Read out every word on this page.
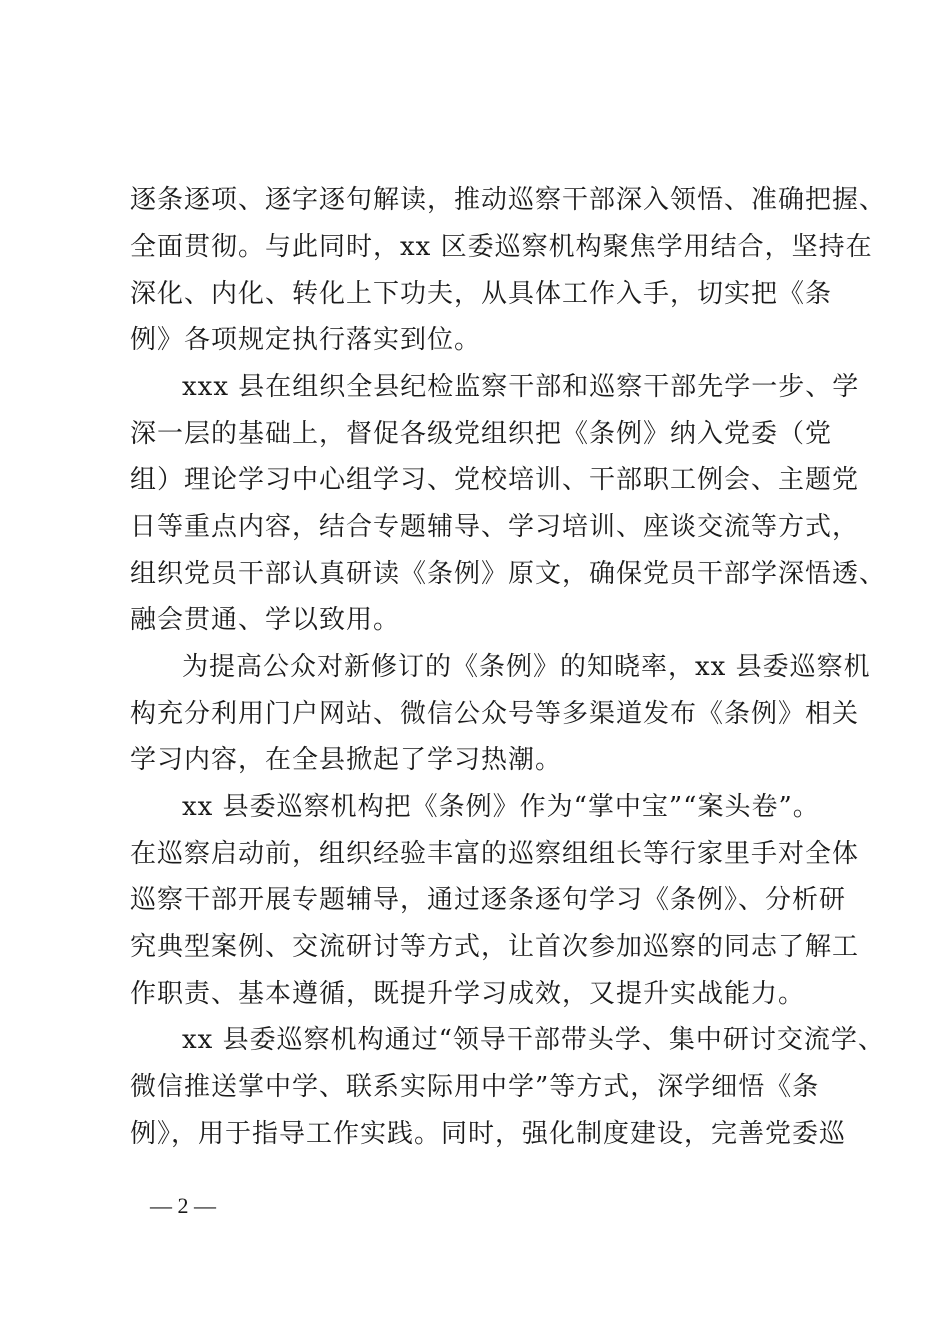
逐条逐项、逐字逐句解读，推动巡察干部深入领悟、准确把握、
全面贯彻。与此同时，xx 区委巡察机构聚焦学用结合，坚持在
深化、内化、转化上下功夫，从具体工作入手，切实把《条
例》各项规定执行落实到位。
xxx 县在组织全县纪检监察干部和巡察干部先学一步、学
深一层的基础上，督促各级党组织把《条例》纳入党委（党
组）理论学习中心组学习、党校培训、干部职工例会、主题党
日等重点内容，结合专题辅导、学习培训、座谈交流等方式，
组织党员干部认真研读《条例》原文，确保党员干部学深悟透、
融会贯通、学以致用。
为提高公众对新修订的《条例》的知晓率，xx 县委巡察机
构充分利用门户网站、微信公众号等多渠道发布《条例》相关
学习内容，在全县掀起了学习热潮。
xx 县委巡察机构把《条例》作为“掌中宝”“案头卷”。
在巡察启动前，组织经验丰富的巡察组组长等行家里手对全体
巡察干部开展专题辅导，通过逐条逐句学习《条例》、分析研
究典型案例、交流研讨等方式，让首次参加巡察的同志了解工
作职责、基本遵循，既提升学习成效，又提升实战能力。
xx 县委巡察机构通过“领导干部带头学、集中研讨交流学、
微信推送掌中学、联系实际用中学”等方式，深学细悟《条
例》，用于指导工作实践。同时，强化制度建设，完善党委巡
— 2 —
